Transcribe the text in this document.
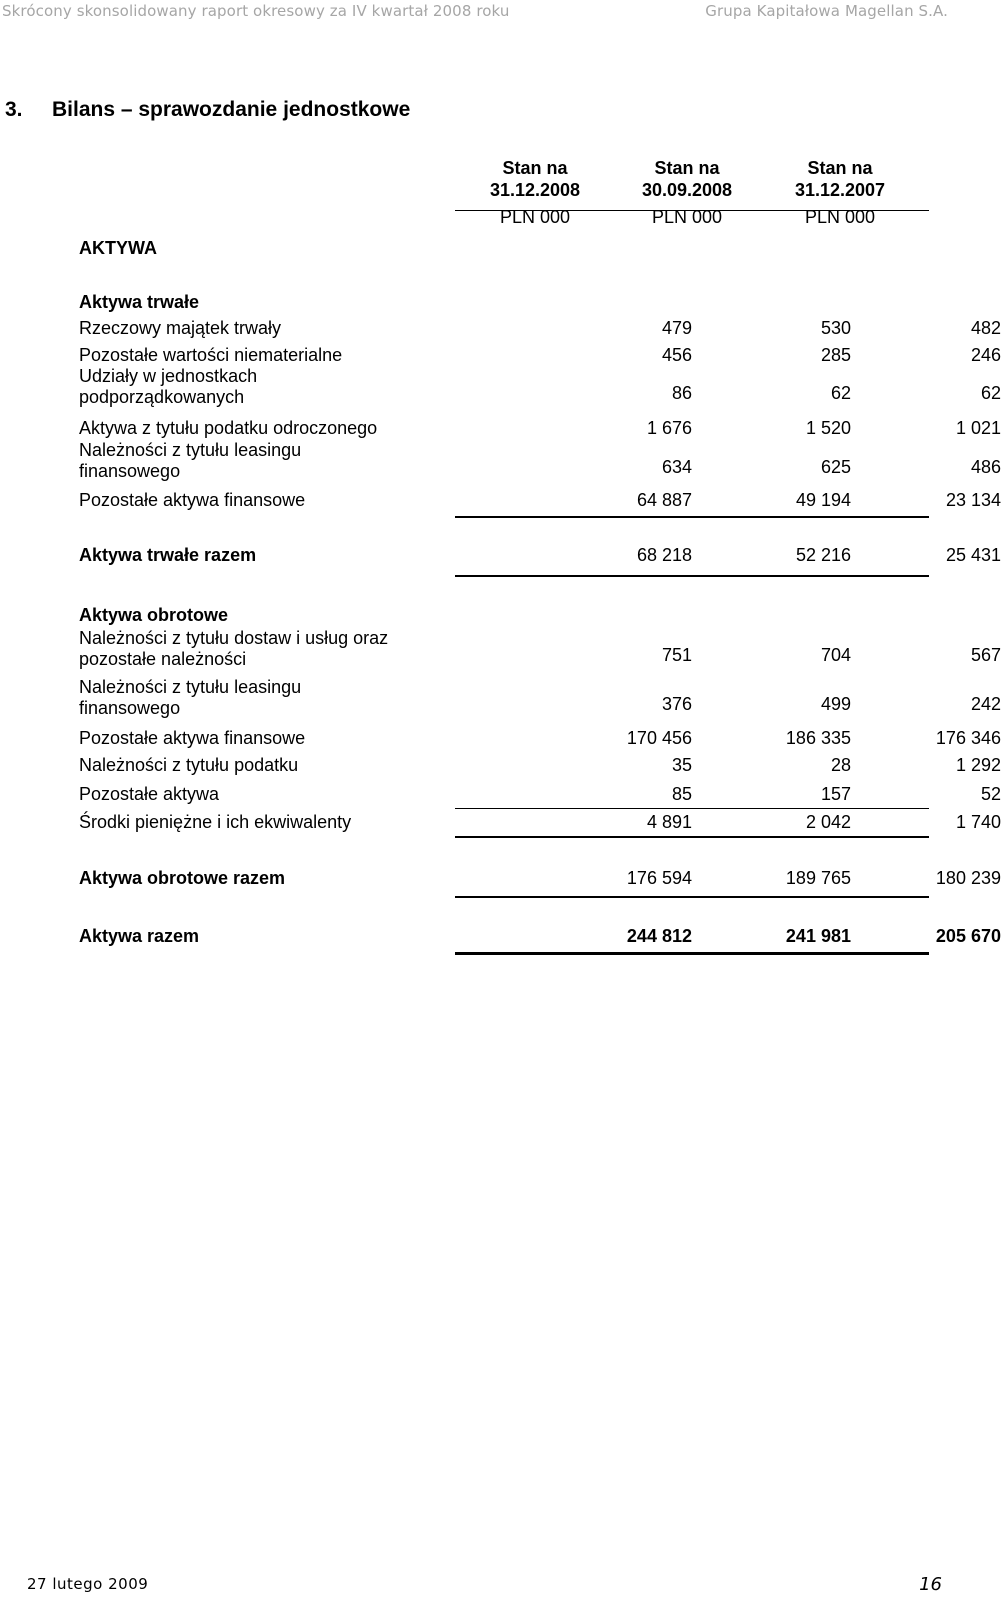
Skrócony skonsolidowany raport okresowy za IV kwartał 2008 roku	Grupa Kapitałowa Magellan S.A.
3. Bilans – sprawozdanie jednostkowe
Stan na
31.12.2008
PLN 000
Stan na
30.09.2008
PLN 000
Stan na
31.12.2007
PLN 000
AKTYWA
Aktywa trwałe
Rzeczowy majątek trwały	479	530	482
Pozostałe wartości niematerialne	456	285	246
Udziały w jednostkach podporządkowanych	86	62	62
Aktywa z tytułu podatku odroczonego	1 676	1 520	1 021
Należności z tytułu leasingu finansowego	634	625	486
Pozostałe aktywa finansowe	64 887	49 194	23 134
Aktywa trwałe razem	68 218	52 216	25 431
Aktywa obrotowe
Należności z tytułu dostaw i usług oraz pozostałe należności	751	704	567
Należności z tytułu leasingu finansowego	376	499	242
Pozostałe aktywa finansowe	170 456	186 335	176 346
Należności z tytułu podatku	35	28	1 292
Pozostałe aktywa	85	157	52
Środki pieniężne i ich ekwiwalenty	4 891	2 042	1 740
Aktywa obrotowe razem	176 594	189 765	180 239
Aktywa razem	244 812	241 981	205 670
27 lutego 2009	16
